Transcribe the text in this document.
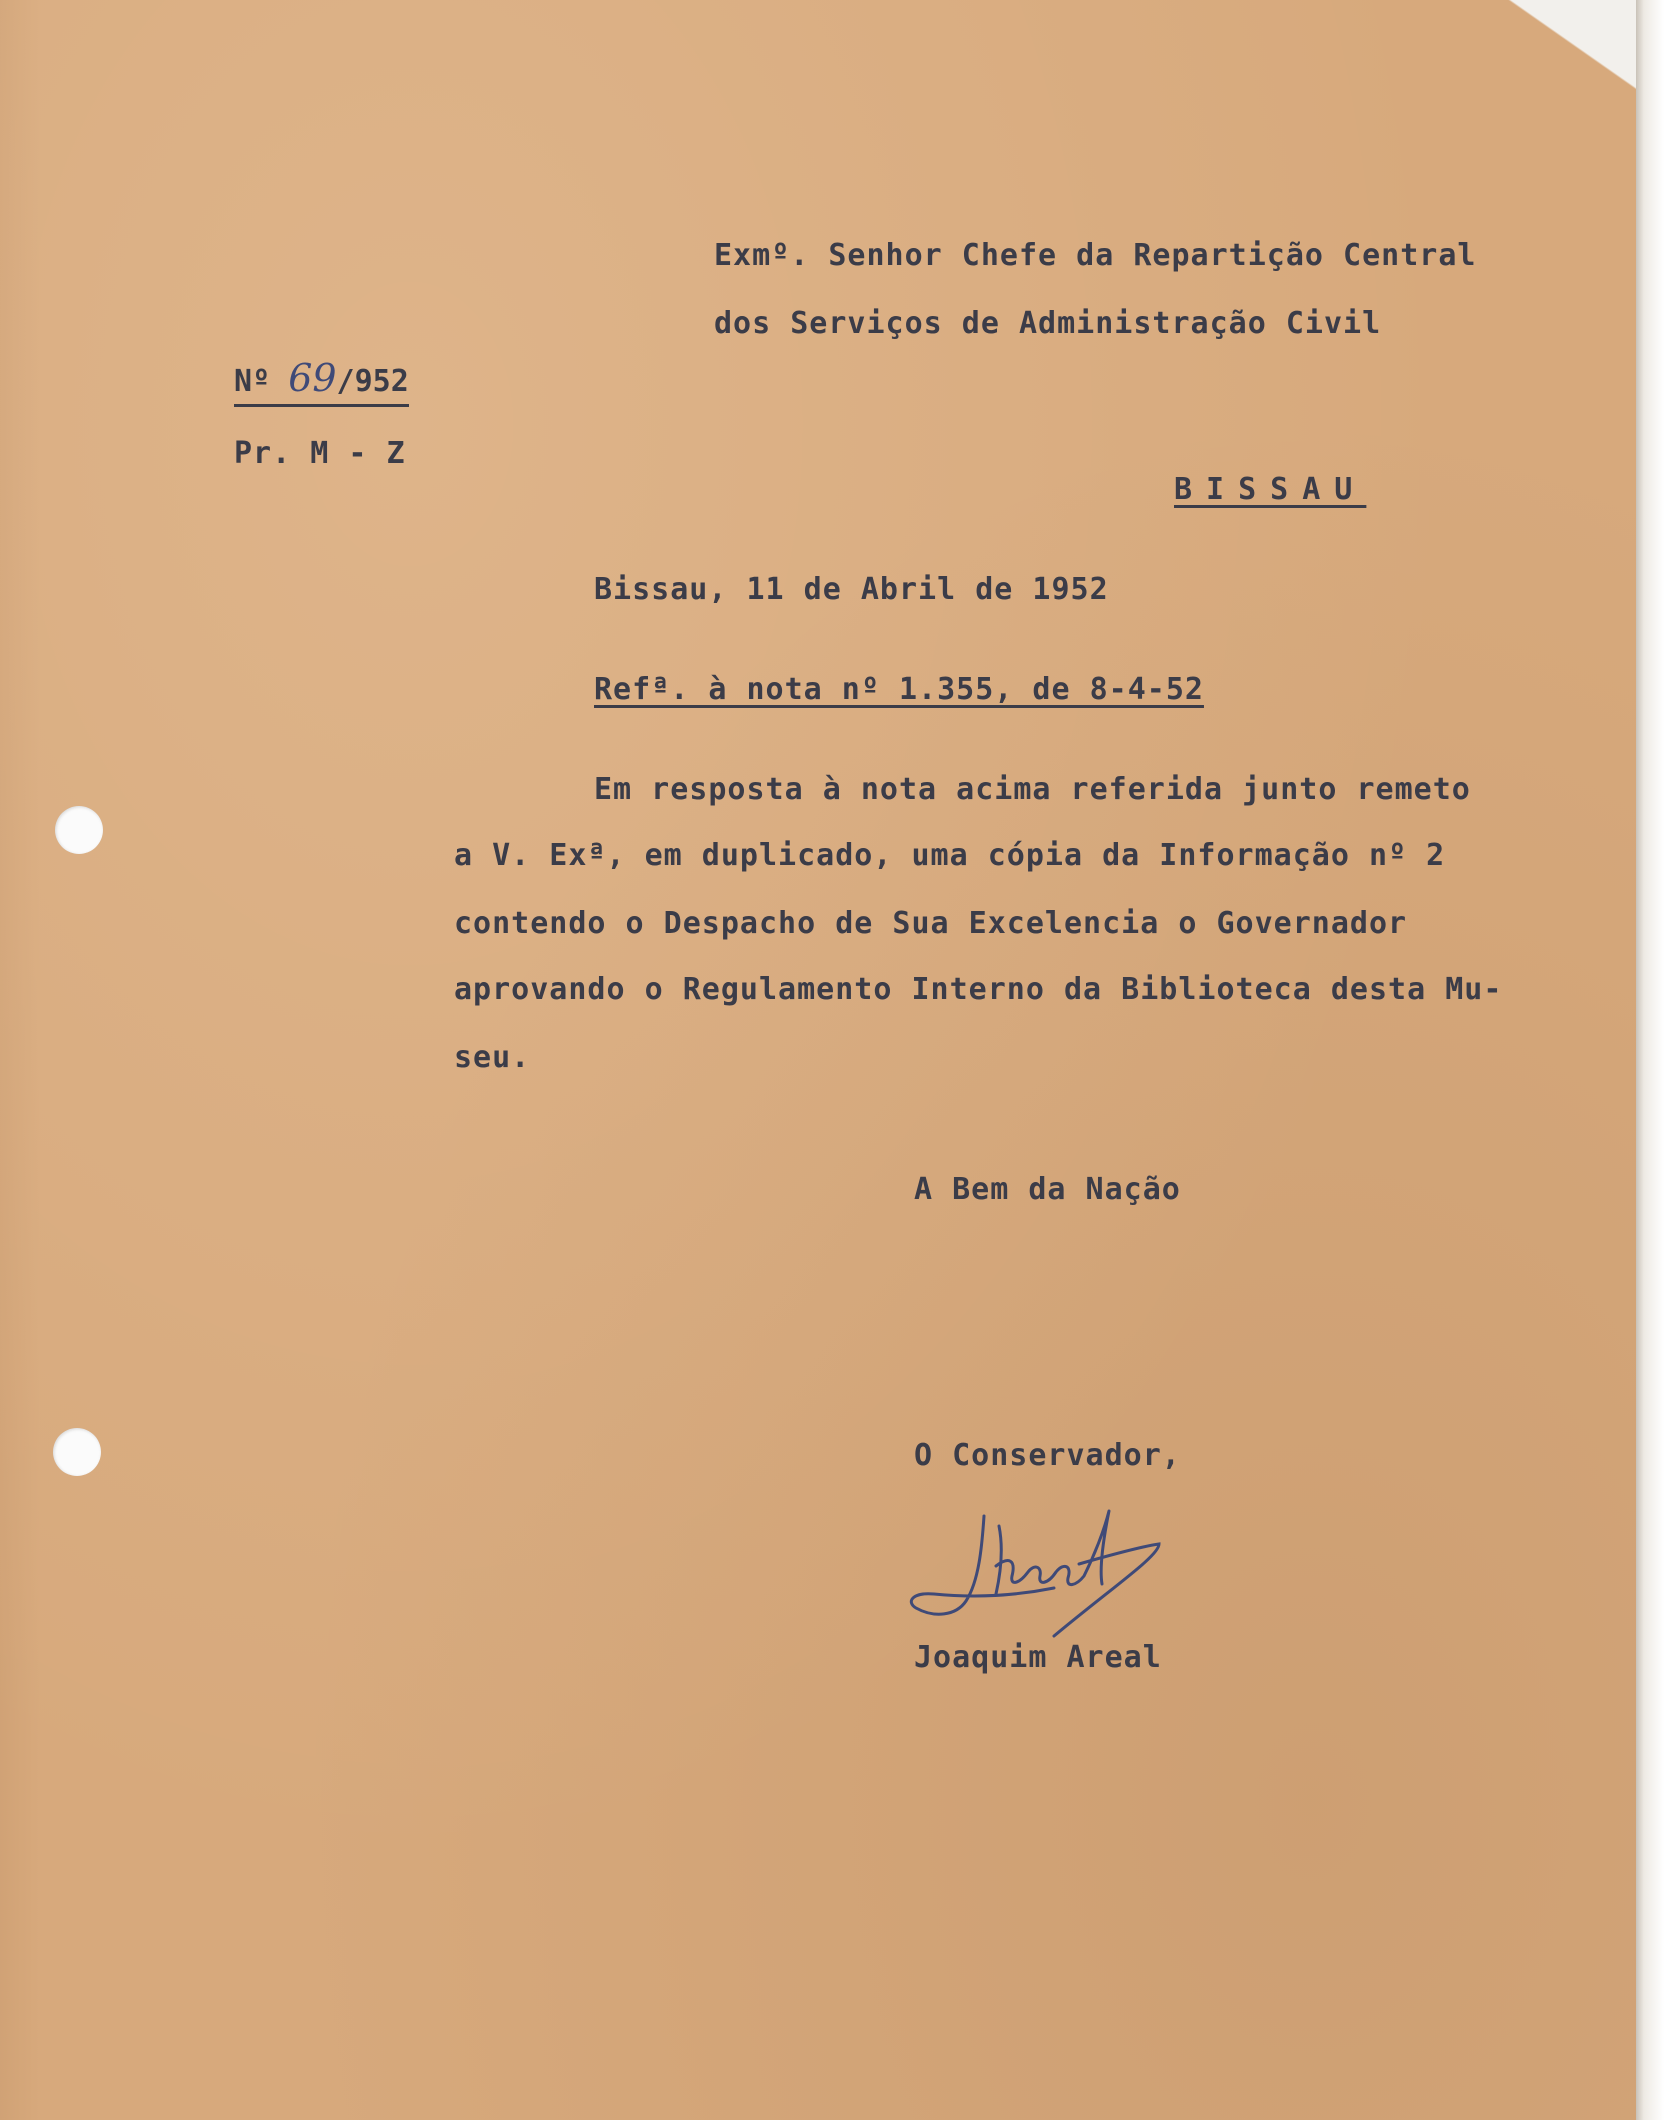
Exmº. Senhor Chefe da Repartição Central
dos Serviços de Administração Civil
Nº 69/952
Pr. M - Z
BISSAU
Bissau, 11 de Abril de 1952
Refª. à nota nº 1.355, de 8-4-52
Em resposta à nota acima referida junto remeto
a V. Exª, em duplicado, uma cópia da Informação nº 2
contendo o Despacho de Sua Excelencia o Governador
aprovando o Regulamento Interno da Biblioteca desta Mu-
seu.
A Bem da Nação
O Conservador,
Joaquim Areal
